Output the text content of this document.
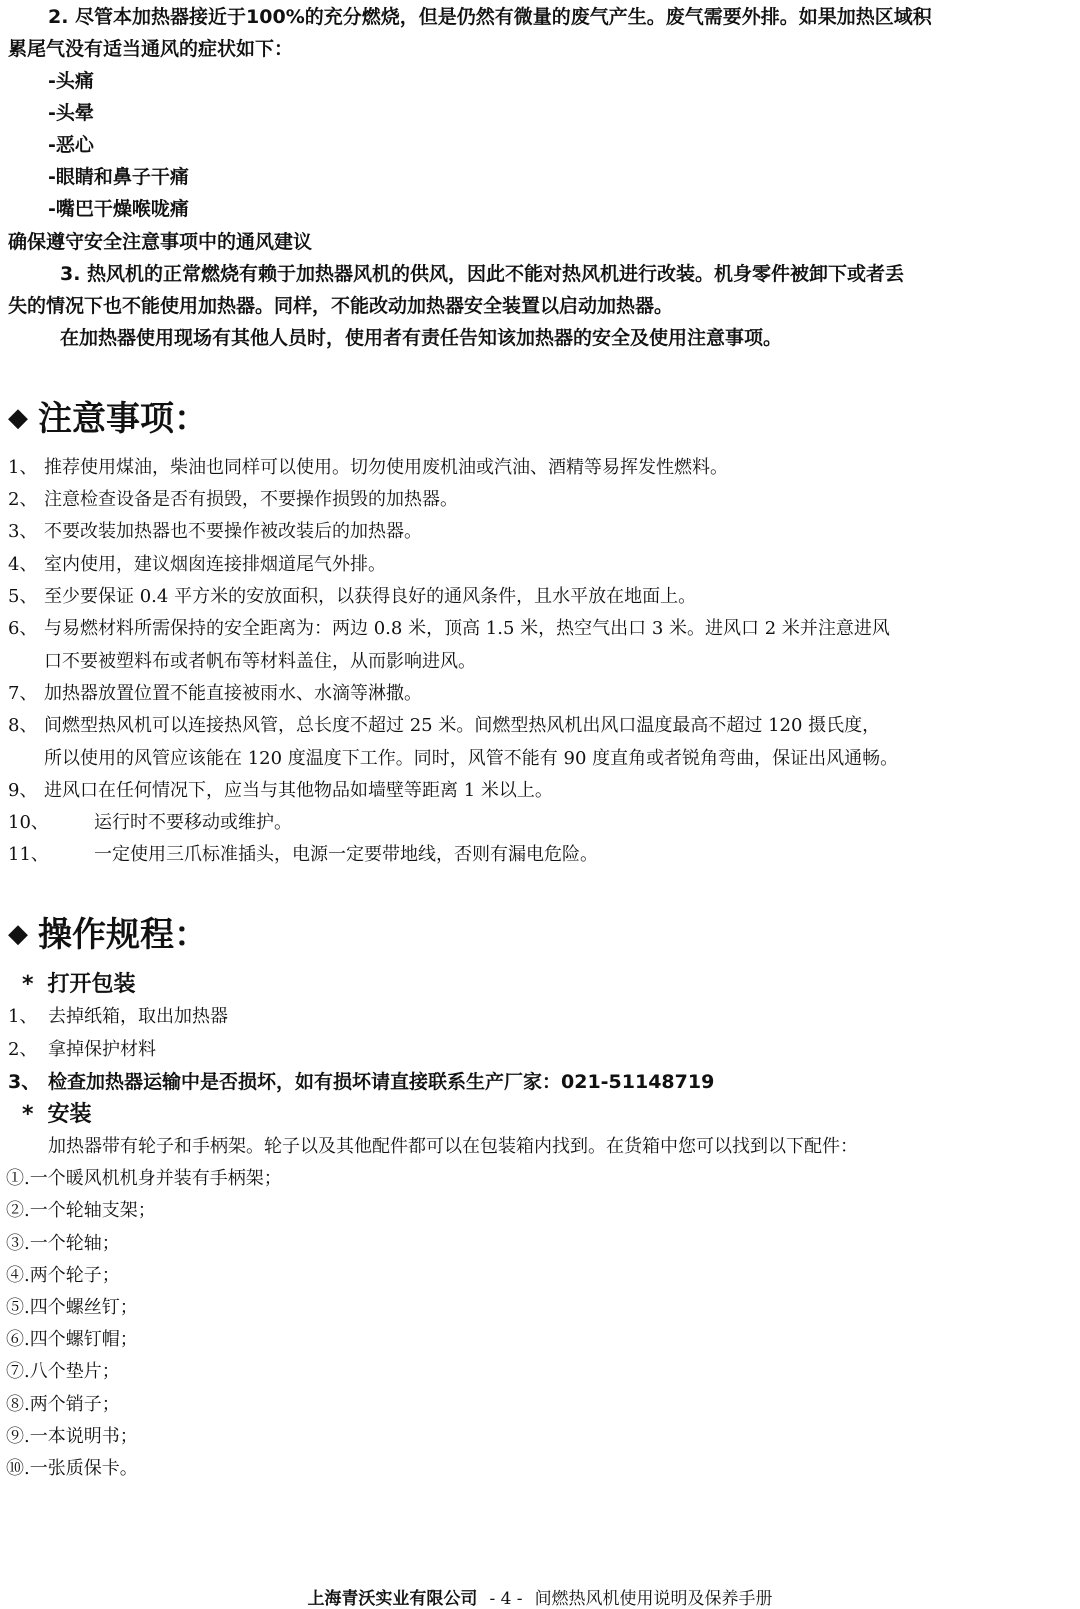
2. 尽管本加热器接近于100%的充分燃烧，但是仍然有微量的废气产生。废气需要外排。如果加热区域积
累尾气没有适当通风的症状如下：
-头痛
-头晕
-恶心
-眼睛和鼻子干痛
-嘴巴干燥喉咙痛
确保遵守安全注意事项中的通风建议
3. 热风机的正常燃烧有赖于加热器风机的供风，因此不能对热风机进行改装。机身零件被卸下或者丢
失的情况下也不能使用加热器。同样，不能改动加热器安全装置以启动加热器。
在加热器使用现场有其他人员时，使用者有责任告知该加热器的安全及使用注意事项。
◆ 注意事项：
1、 推荐使用煤油，柴油也同样可以使用。切勿使用废机油或汽油、酒精等易挥发性燃料。
2、 注意检查设备是否有损毁，不要操作损毁的加热器。
3、 不要改装加热器也不要操作被改装后的加热器。
4、 室内使用，建议烟囱连接排烟道尾气外排。
5、 至少要保证 0.4 平方米的安放面积，以获得良好的通风条件，且水平放在地面上。
6、 与易燃材料所需保持的安全距离为：两边 0.8 米，顶高 1.5 米，热空气出口 3 米。进风口 2 米并注意进风
口不要被塑料布或者帆布等材料盖住，从而影响进风。
7、 加热器放置位置不能直接被雨水、水滴等淋撒。
8、 间燃型热风机可以连接热风管，总长度不超过 25 米。间燃型热风机出风口温度最高不超过 120 摄氏度，
所以使用的风管应该能在 120 度温度下工作。同时，风管不能有 90 度直角或者锐角弯曲，保证出风通畅。
9、 进风口在任何情况下，应当与其他物品如墙壁等距离 1 米以上。
10、	运行时不要移动或维护。
11、	一定使用三爪标准插头，电源一定要带地线，否则有漏电危险。
◆ 操作规程：
* 打开包装
1、 去掉纸箱，取出加热器
2、 拿掉保护材料
3、 检查加热器运输中是否损坏，如有损坏请直接联系生产厂家：021-51148719
* 安装
加热器带有轮子和手柄架。轮子以及其他配件都可以在包装箱内找到。在货箱中您可以找到以下配件：
①.一个暖风机机身并装有手柄架；
②.一个轮轴支架；
③.一个轮轴；
④.两个轮子；
⑤.四个螺丝钉；
⑥.四个螺钉帽；
⑦.八个垫片；
⑧.两个销子；
⑨.一本说明书；
⑩.一张质保卡。
上海青沃实业有限公司 - 4 - 间燃热风机使用说明及保养手册
